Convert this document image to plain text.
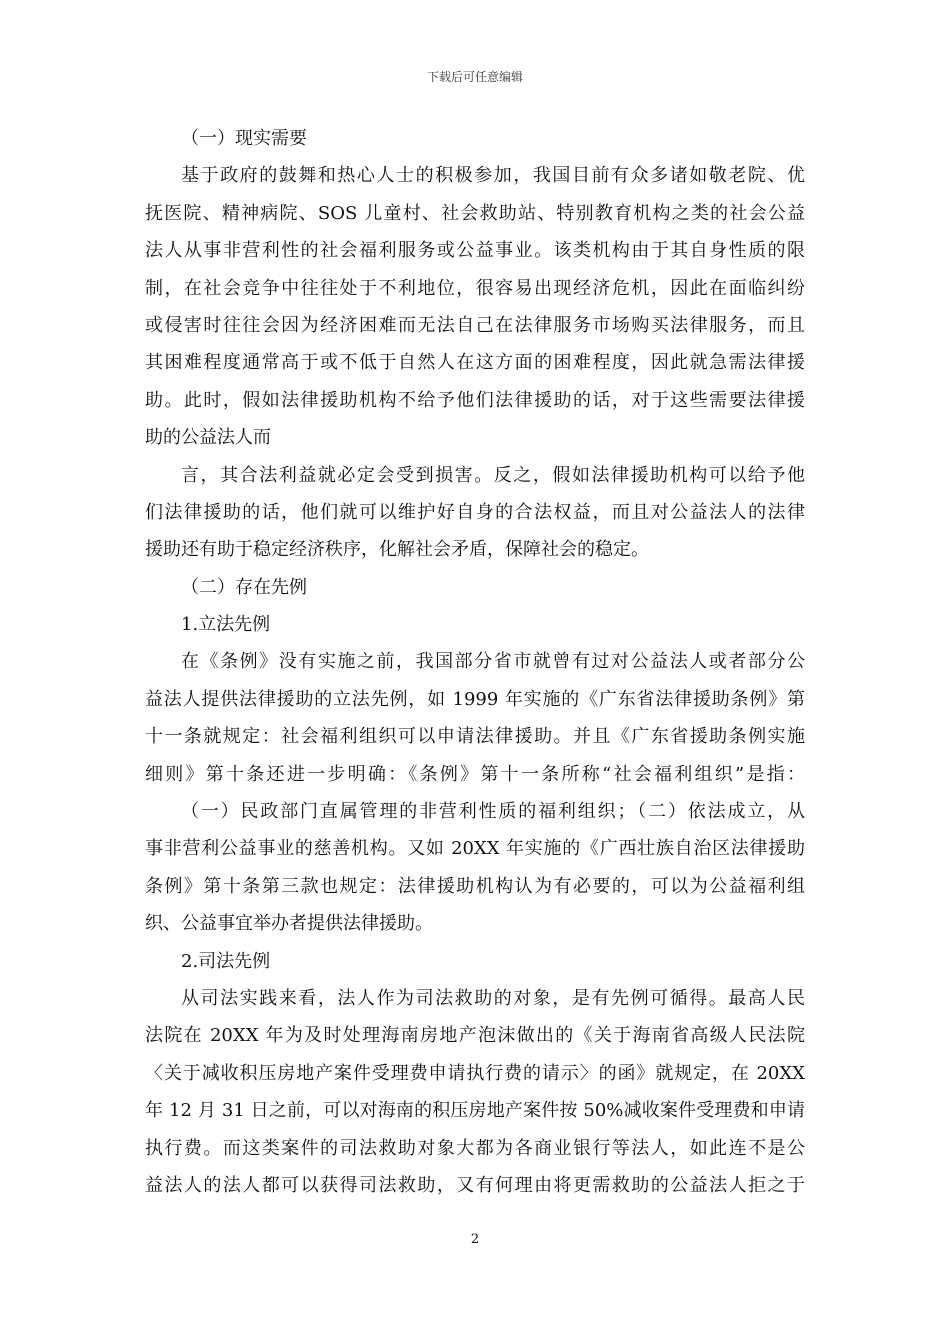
下载后可任意编辑
（一）现实需要
基于政府的鼓舞和热心人士的积极参加，我国目前有众多诸如敬老院、优
抚医院、精神病院、SOS 儿童村、社会救助站、特别教育机构之类的社会公益
法人从事非营利性的社会福利服务或公益事业。该类机构由于其自身性质的限
制，在社会竞争中往往处于不利地位，很容易出现经济危机，因此在面临纠纷
或侵害时往往会因为经济困难而无法自己在法律服务市场购买法律服务，而且
其困难程度通常高于或不低于自然人在这方面的困难程度，因此就急需法律援
助。此时，假如法律援助机构不给予他们法律援助的话，对于这些需要法律援
助的公益法人而
言，其合法利益就必定会受到损害。反之，假如法律援助机构可以给予他
们法律援助的话，他们就可以维护好自身的合法权益，而且对公益法人的法律
援助还有助于稳定经济秩序，化解社会矛盾，保障社会的稳定。
（二）存在先例
1.立法先例
在《条例》没有实施之前，我国部分省市就曾有过对公益法人或者部分公
益法人提供法律援助的立法先例，如 1999 年实施的《广东省法律援助条例》第
十一条就规定：社会福利组织可以申请法律援助。并且《广东省援助条例实施
细则》第十条还进一步明确：《条例》第十一条所称“社会福利组织”是指：
（一）民政部门直属管理的非营利性质的福利组织；（二）依法成立，从
事非营利公益事业的慈善机构。又如 20XX 年实施的《广西壮族自治区法律援助
条例》第十条第三款也规定：法律援助机构认为有必要的，可以为公益福利组
织、公益事宜举办者提供法律援助。
2.司法先例
从司法实践来看，法人作为司法救助的对象，是有先例可循得。最高人民
法院在 20XX 年为及时处理海南房地产泡沫做出的《关于海南省高级人民法院
〈关于减收积压房地产案件受理费申请执行费的请示〉的函》就规定，在 20XX
年 12 月 31 日之前，可以对海南的积压房地产案件按 50%减收案件受理费和申请
执行费。而这类案件的司法救助对象大都为各商业银行等法人，如此连不是公
益法人的法人都可以获得司法救助，又有何理由将更需救助的公益法人拒之于
2
